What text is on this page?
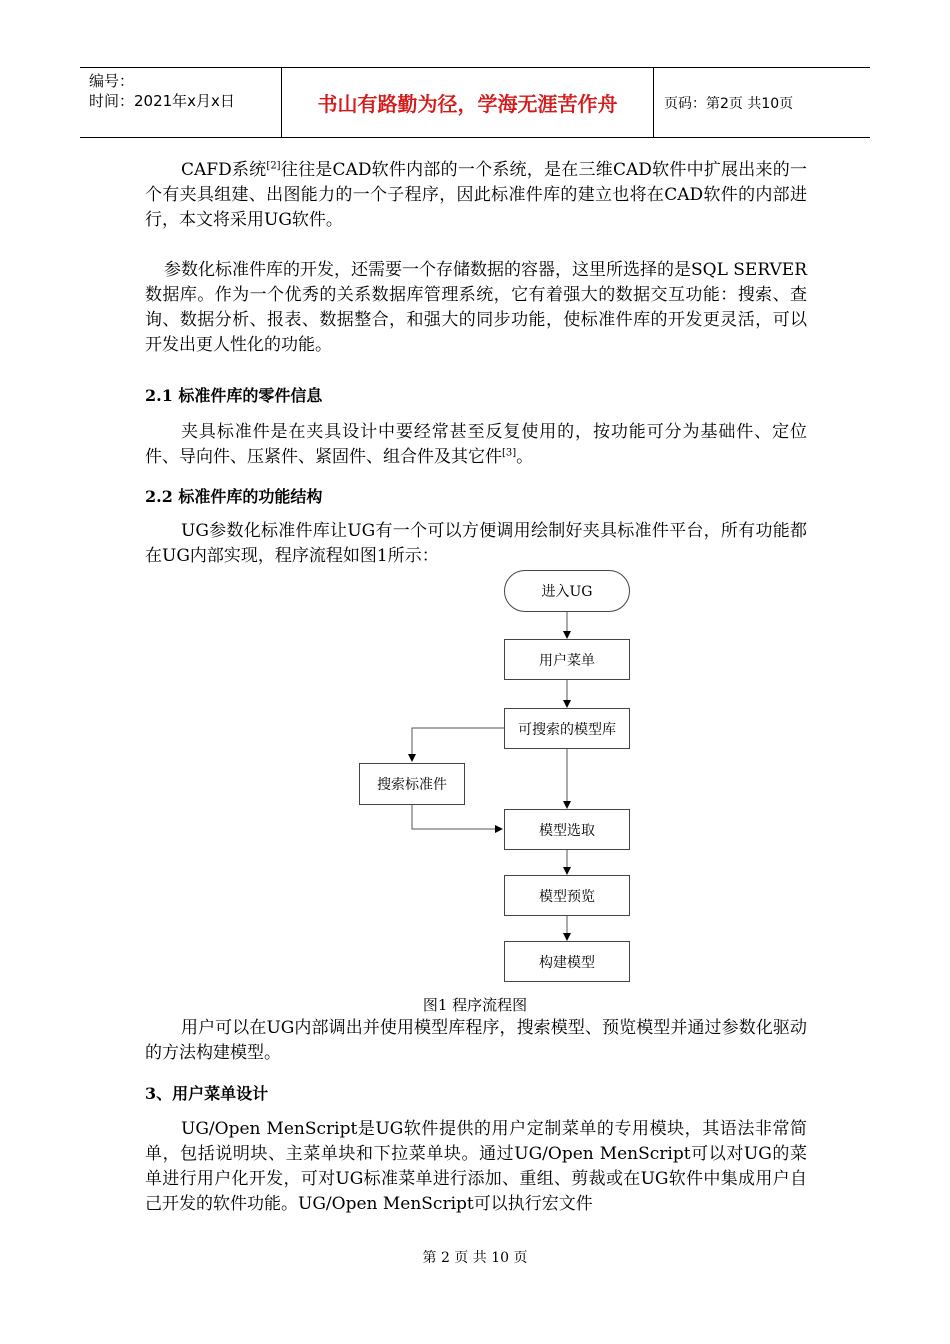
编号：
时间：2021年x月x日	书山有路勤为径，学海无涯苦作舟	页码：第2页 共10页

CAFD系统[2]往往是CAD软件内部的一个系统，是在三维CAD软件中扩展出来的一个有夹具组建、出图能力的一个子程序，因此标准件库的建立也将在CAD软件的内部进行，本文将采用UG软件。

参数化标准件库的开发，还需要一个存储数据的容器，这里所选择的是SQL SERVER数据库。作为一个优秀的关系数据库管理系统，它有着强大的数据交互功能：搜索、查询、数据分析、报表、数据整合，和强大的同步功能，使标准件库的开发更灵活，可以开发出更人性化的功能。

2.1 标准件库的零件信息

夹具标准件是在夹具设计中要经常甚至反复使用的，按功能可分为基础件、定位件、导向件、压紧件、紧固件、组合件及其它件[3]。

2.2 标准件库的功能结构

UG参数化标准件库让UG有一个可以方便调用绘制好夹具标准件平台，所有功能都在UG内部实现，程序流程如图1所示：

进入UG
用户菜单
可搜索的模型库
搜索标准件
模型选取
模型预览
构建模型
图1 程序流程图

用户可以在UG内部调出并使用模型库程序，搜索模型、预览模型并通过参数化驱动的方法构建模型。

3、用户菜单设计

UG/Open MenScript是UG软件提供的用户定制菜单的专用模块，其语法非常简单，包括说明块、主菜单块和下拉菜单块。通过UG/Open MenScript可以对UG的菜单进行用户化开发，可对UG标准菜单进行添加、重组、剪裁或在UG软件中集成用户自己开发的软件功能。UG/Open MenScript可以执行宏文件

第 2 页 共 10 页
